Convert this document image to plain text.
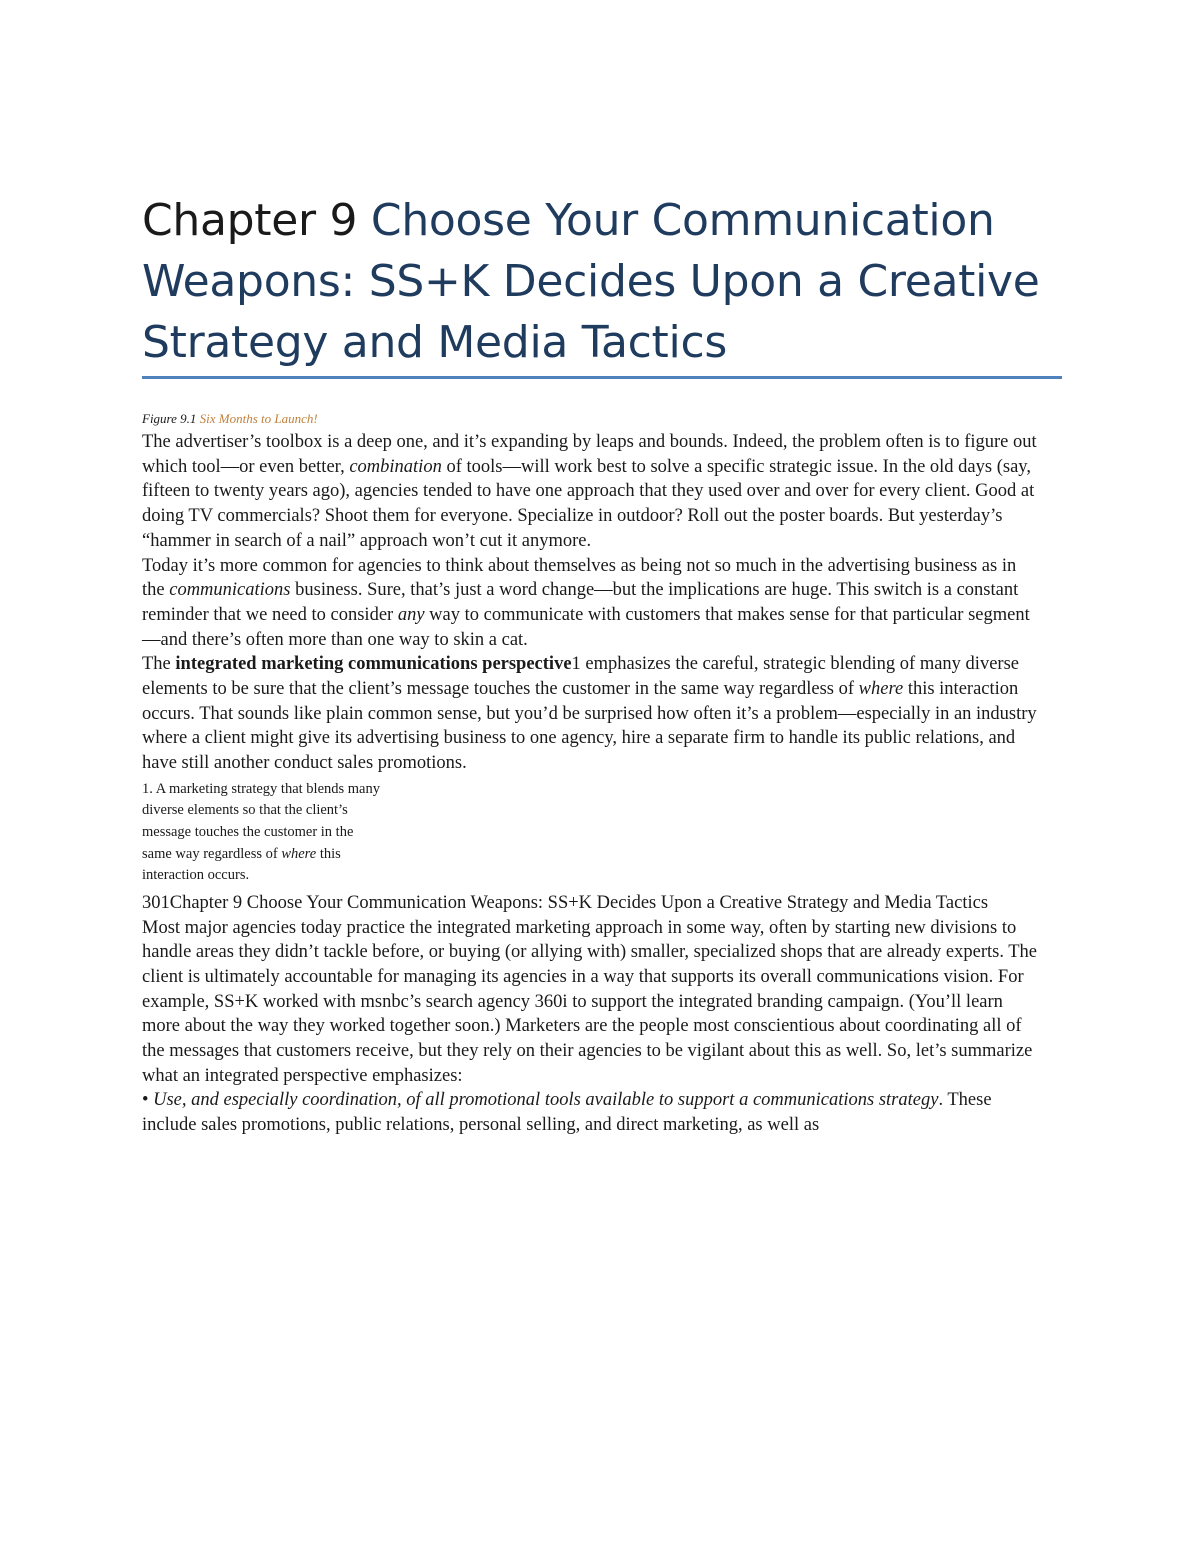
Chapter 9 Choose Your Communication
Weapons: SS+K Decides Upon a Creative
Strategy and Media Tactics
Figure 9.1 Six Months to Launch!

The advertiser’s toolbox is a deep one, and it’s expanding by leaps and bounds. Indeed, the problem often is to figure out which tool—or even better, combination of tools—will work best to solve a specific strategic issue. In the old days (say, fifteen to twenty years ago), agencies tended to have one approach that they used over and over for every client. Good at doing TV commercials? Shoot them for everyone. Specialize in outdoor? Roll out the poster boards. But yesterday’s “hammer in search of a nail” approach won’t cut it anymore.

Today it’s more common for agencies to think about themselves as being not so much in the advertising business as in the communications business. Sure, that’s just a word change—but the implications are huge. This switch is a constant reminder that we need to consider any way to communicate with customers that makes sense for that particular segment—and there’s often more than one way to skin a cat.

The integrated marketing communications perspective1 emphasizes the careful, strategic blending of many diverse elements to be sure that the client’s message touches the customer in the same way regardless of where this interaction occurs. That sounds like plain common sense, but you’d be surprised how often it’s a problem—especially in an industry where a client might give its advertising business to one agency, hire a separate firm to handle its public relations, and have still another conduct sales promotions.

1. A marketing strategy that blends many diverse elements so that the client’s message touches the customer in the same way regardless of where this interaction occurs.

301Chapter 9 Choose Your Communication Weapons: SS+K Decides Upon a Creative Strategy and Media Tactics

Most major agencies today practice the integrated marketing approach in some way, often by starting new divisions to handle areas they didn’t tackle before, or buying (or allying with) smaller, specialized shops that are already experts. The client is ultimately accountable for managing its agencies in a way that supports its overall communications vision. For example, SS+K worked with msnbc’s search agency 360i to support the integrated branding campaign. (You’ll learn more about the way they worked together soon.) Marketers are the people most conscientious about coordinating all of the messages that customers receive, but they rely on their agencies to be vigilant about this as well. So, let’s summarize what an integrated perspective emphasizes:

• Use, and especially coordination, of all promotional tools available to support a communications strategy. These include sales promotions, public relations, personal selling, and direct marketing, as well as
